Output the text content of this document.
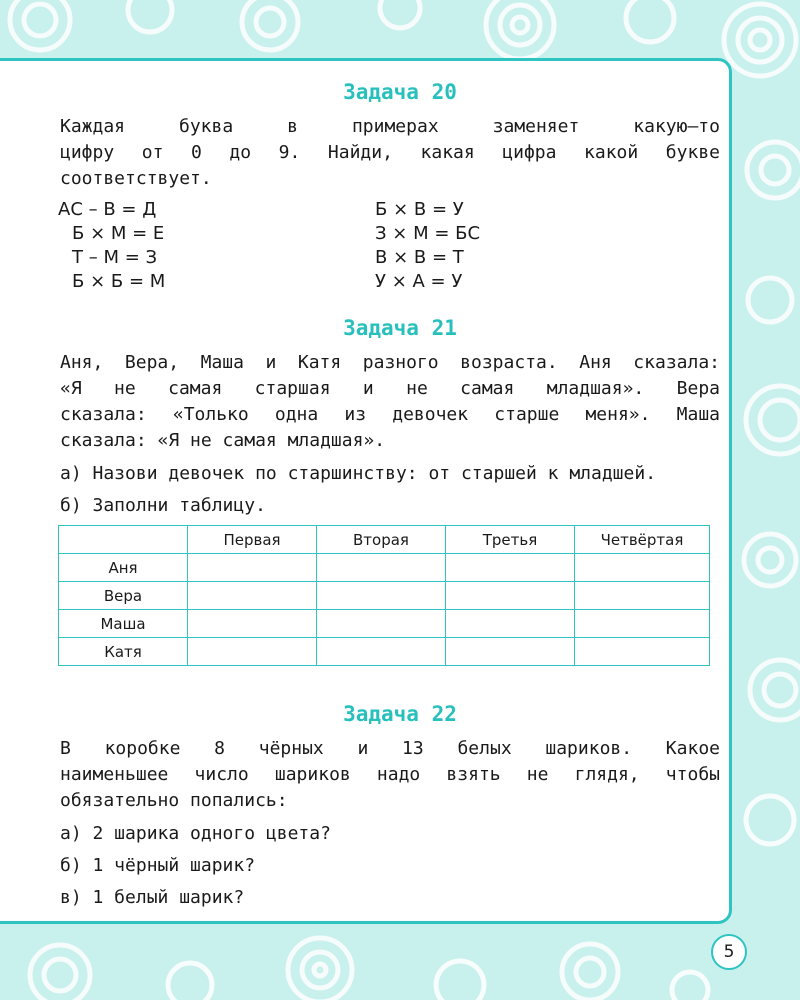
Задача 20
Каждая буква в примерах заменяет какую–то
цифру от 0 до 9. Найди, какая цифра какой букве
соответствует.
АС – В = Д
Б × М = Е
Т – М = З
Б × Б = М
Б × В = У
З × М = БС
В × В = Т
У × А = У
Задача 21
Аня, Вера, Маша и Катя разного возраста. Аня сказала:
«Я не самая старшая и не самая младшая». Вера
сказала: «Только одна из девочек старше меня». Маша
сказала: «Я не самая младшая».
а) Назови девочек по старшинству: от старшей к младшей.
б) Заполни таблицу.
	Первая	Вторая	Третья	Четвёртая
Аня				
Вера				
Маша				
Катя				
Задача 22
В коробке 8 чёрных и 13 белых шариков. Какое
наименьшее число шариков надо взять не глядя, чтобы
обязательно попались:
а) 2 шарика одного цвета?
б) 1 чёрный шарик?
в) 1 белый шарик?
5
